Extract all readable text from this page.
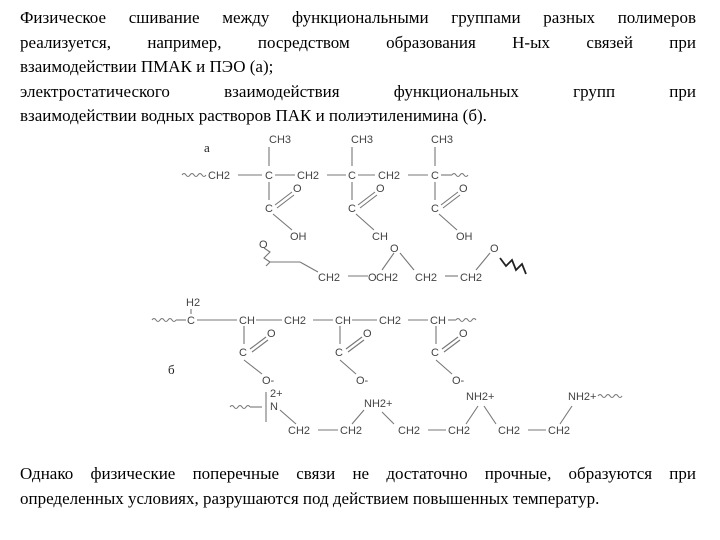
Физическое сшивание между функциональными группами разных полимеров
реализуется, например, посредством образования H-ых связей при
взаимодействии ПМАК и ПЭО (а);
электростатического взаимодействия функциональных групп при
взаимодействии водных растворов ПАК и полиэтиленимина (б).
а	CH3	CH3	CH3
CH2	C CH2	C CH2	C
C
O
OH
C
O
CH
C
O
OH
O
CH2	O CH2
O
CH2 CH2
O
H2
C	CH	CH2	CH	CH2	CH
C
O
O-
C
O
O-
C
O
O-
б
N
2+
CH2	CH2
NH2+
CH2	CH2
NH2+
CH2	CH2
NH2+
Однако физические поперечные связи не достаточно прочные, образуются при
определенных условиях, разрушаются под действием повышенных температур.
